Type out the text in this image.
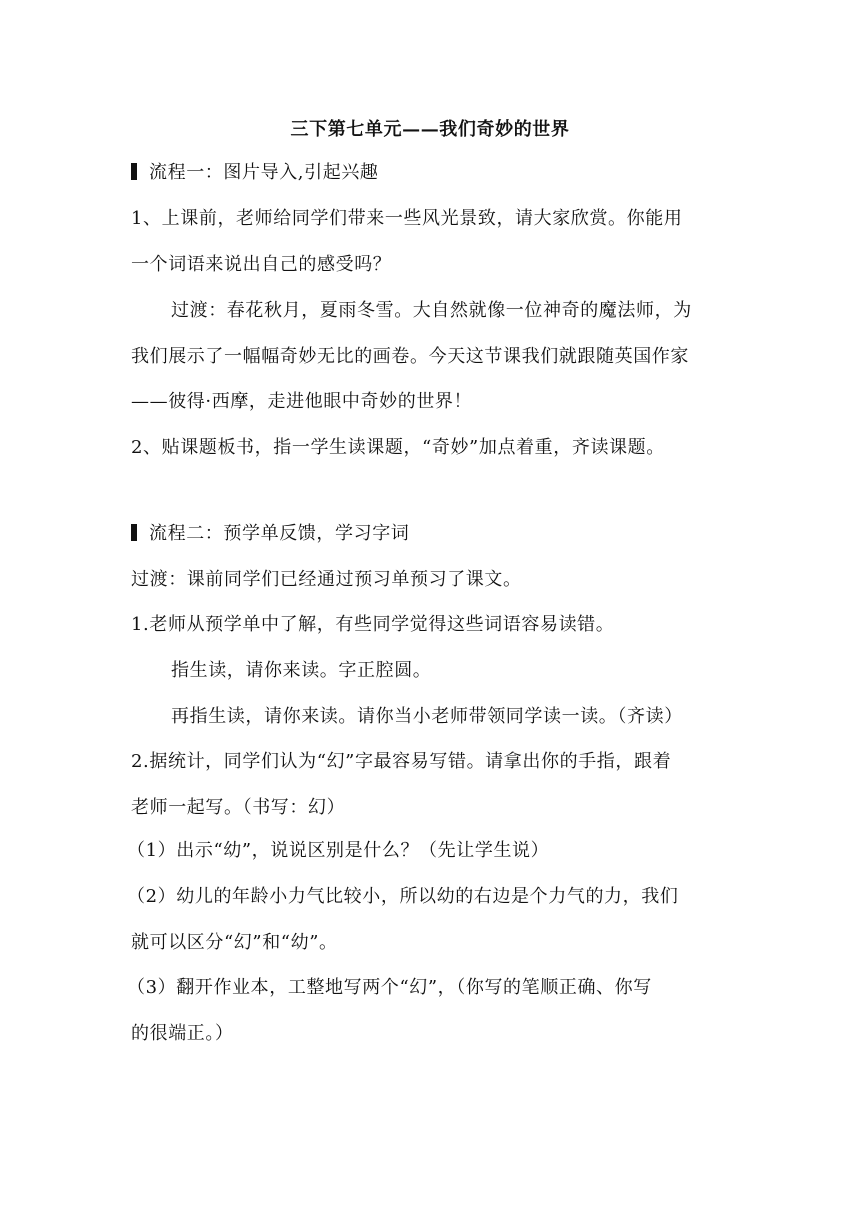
三下第七单元——我们奇妙的世界
流程一：图片导入,引起兴趣
1、上课前，老师给同学们带来一些风光景致，请大家欣赏。你能用
一个词语来说出自己的感受吗？
过渡：春花秋月，夏雨冬雪。大自然就像一位神奇的魔法师，为
我们展示了一幅幅奇妙无比的画卷。今天这节课我们就跟随英国作家
——彼得·西摩，走进他眼中奇妙的世界！
2、贴课题板书，指一学生读课题，“奇妙”加点着重，齐读课题。
流程二：预学单反馈，学习字词
过渡：课前同学们已经通过预习单预习了课文。
1.老师从预学单中了解，有些同学觉得这些词语容易读错。
指生读，请你来读。字正腔圆。
再指生读，请你来读。请你当小老师带领同学读一读。（齐读）
2.据统计，同学们认为“幻”字最容易写错。请拿出你的手指，跟着
老师一起写。（书写：幻）
（1）出示“幼”，说说区别是什么？（先让学生说）
（2）幼儿的年龄小力气比较小，所以幼的右边是个力气的力，我们
就可以区分“幻”和“幼”。
（3）翻开作业本，工整地写两个“幻”，（你写的笔顺正确、你写
的很端正。）
